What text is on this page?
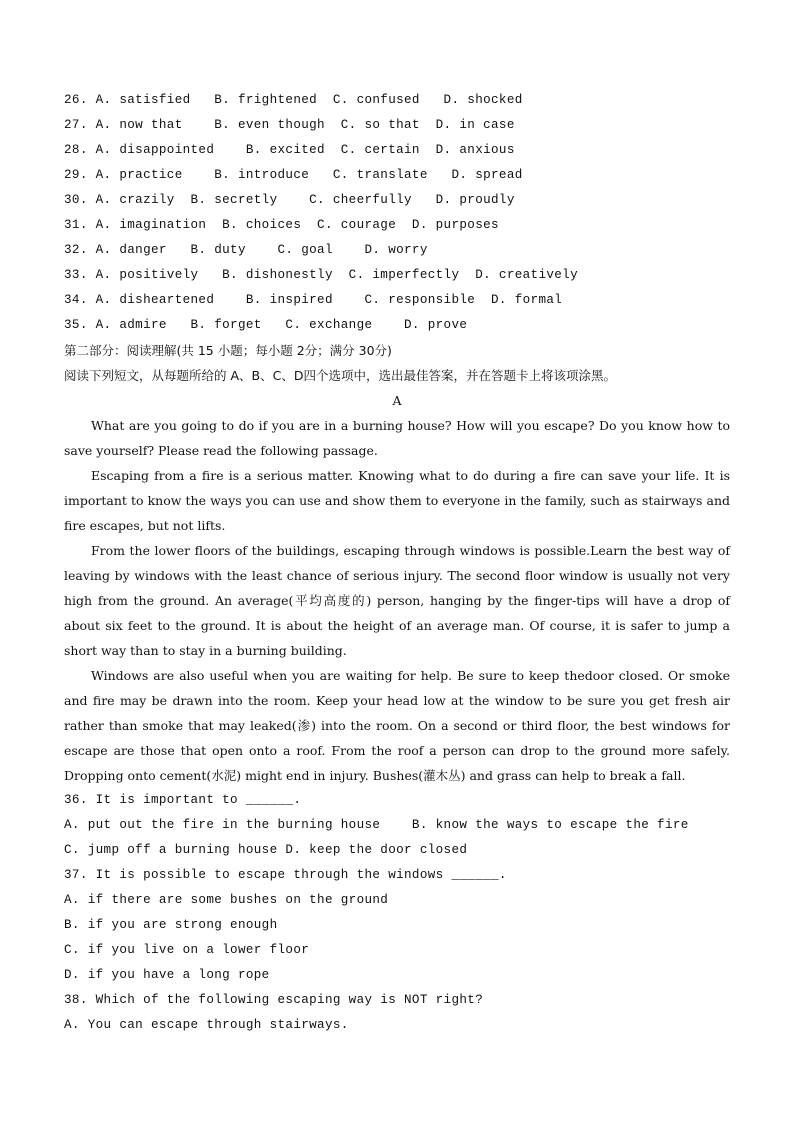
26. A. satisfied   B. frightened  C. confused   D. shocked
27. A. now that    B. even though  C. so that  D. in case
28. A. disappointed    B. excited  C. certain  D. anxious
29. A. practice    B. introduce   C. translate   D. spread
30. A. crazily  B. secretly    C. cheerfully   D. proudly
31. A. imagination  B. choices  C. courage  D. purposes
32. A. danger   B. duty    C. goal    D. worry
33. A. positively   B. dishonestly  C. imperfectly  D. creatively
34. A. disheartened    B. inspired    C. responsible  D. formal
35. A. admire   B. forget   C. exchange    D. prove
第二部分：阅读理解(共 15 小题；每小题 2分；满分 30分)
阅读下列短文，从每题所给的 A、B、C、D四个选项中，选出最佳答案，并在答题卡上将该项涂黑。
A

What are you going to do if you are in a burning house? How will you escape? Do you know how to save yourself? Please read the following passage.

Escaping from a fire is a serious matter. Knowing what to do during a fire can save your life. It is important to know the ways you can use and show them to everyone in the family, such as stairways and fire escapes, but not lifts.

From the lower floors of the buildings, escaping through windows is possible.Learn the best way of leaving by windows with the least chance of serious injury. The second floor window is usually not very high from the ground. An average(平均高度的) person, hanging by the finger-tips will have a drop of about six feet to the ground. It is about the height of an average man. Of course, it is safer to jump a short way than to stay in a burning building.

Windows are also useful when you are waiting for help. Be sure to keep thedoor closed. Or smoke and fire may be drawn into the room. Keep your head low at the window to be sure you get fresh air rather than smoke that may leaked(渗) into the room. On a second or third floor, the best windows for escape are those that open onto a roof. From the roof a person can drop to the ground more safely. Dropping onto cement(水泥) might end in injury. Bushes(灌木丛) and grass can help to break a fall.

36. It is important to ______.
A. put out the fire in the burning house    B. know the ways to escape the fire
C. jump off a burning house D. keep the door closed
37. It is possible to escape through the windows ______.
A. if there are some bushes on the ground
B. if you are strong enough
C. if you live on a lower floor
D. if you have a long rope
38. Which of the following escaping way is NOT right?
A. You can escape through stairways.
